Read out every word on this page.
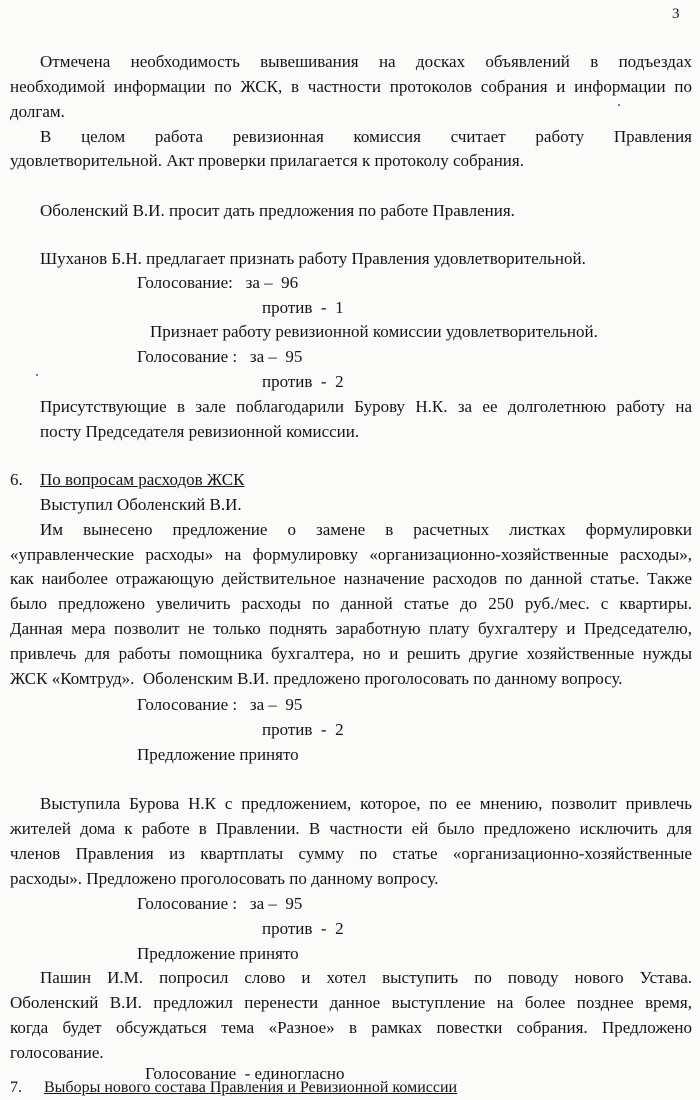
3
Отмечена необходимость вывешивания на досках объявлений в подъездах
необходимой информации по ЖСК, в частности протоколов собрания и информации по
долгам.
В целом работа ревизионная комиссия считает работу Правления
удовлетворительной. Акт проверки прилагается к протоколу собрания.
Оболенский В.И. просит дать предложения по работе Правления.
Шуханов Б.Н. предлагает признать работу Правления удовлетворительной.
Голосование:   за –  96
против  -  1
Признает работу ревизионной комиссии удовлетворительной.
Голосование :   за –  95
против  -  2
Присутствующие в зале поблагодарили Бурову Н.К. за ее долголетнюю работу на
посту Председателя ревизионной комиссии.
6. По вопросам расходов ЖСК
Выступил Оболенский В.И.
Им вынесено предложение о замене в расчетных листках формулировки
«управленческие расходы» на формулировку «организационно-хозяйственные расходы»,
как наиболее отражающую действительное назначение расходов по данной статье. Также
было предложено увеличить расходы по данной статье до 250 руб./мес. с квартиры.
Данная мера позволит не только поднять заработную плату бухгалтеру и Председателю,
привлечь для работы помощника бухгалтера, но и решить другие хозяйственные нужды
ЖСК «Комтруд».  Оболенским В.И. предложено проголосовать по данному вопросу.
Голосование :   за –  95
против  -  2
Предложение принято
Выступила Бурова Н.К с предложением, которое, по ее мнению, позволит привлечь
жителей дома к работе в Правлении. В частности ей было предложено исключить для
членов Правления из квартплаты сумму по статье «организационно-хозяйственные
расходы». Предложено проголосовать по данному вопросу.
Голосование :   за –  95
против  -  2
Предложение принято
Пашин И.М. попросил слово и хотел выступить по поводу нового Устава.
Оболенский В.И. предложил перенести данное выступление на более позднее время,
когда будет обсуждаться тема «Разное» в рамках повестки собрания. Предложено
голосование.
Голосование  - единогласно
7. Выборы нового состава Правления и Ревизионной комиссии
